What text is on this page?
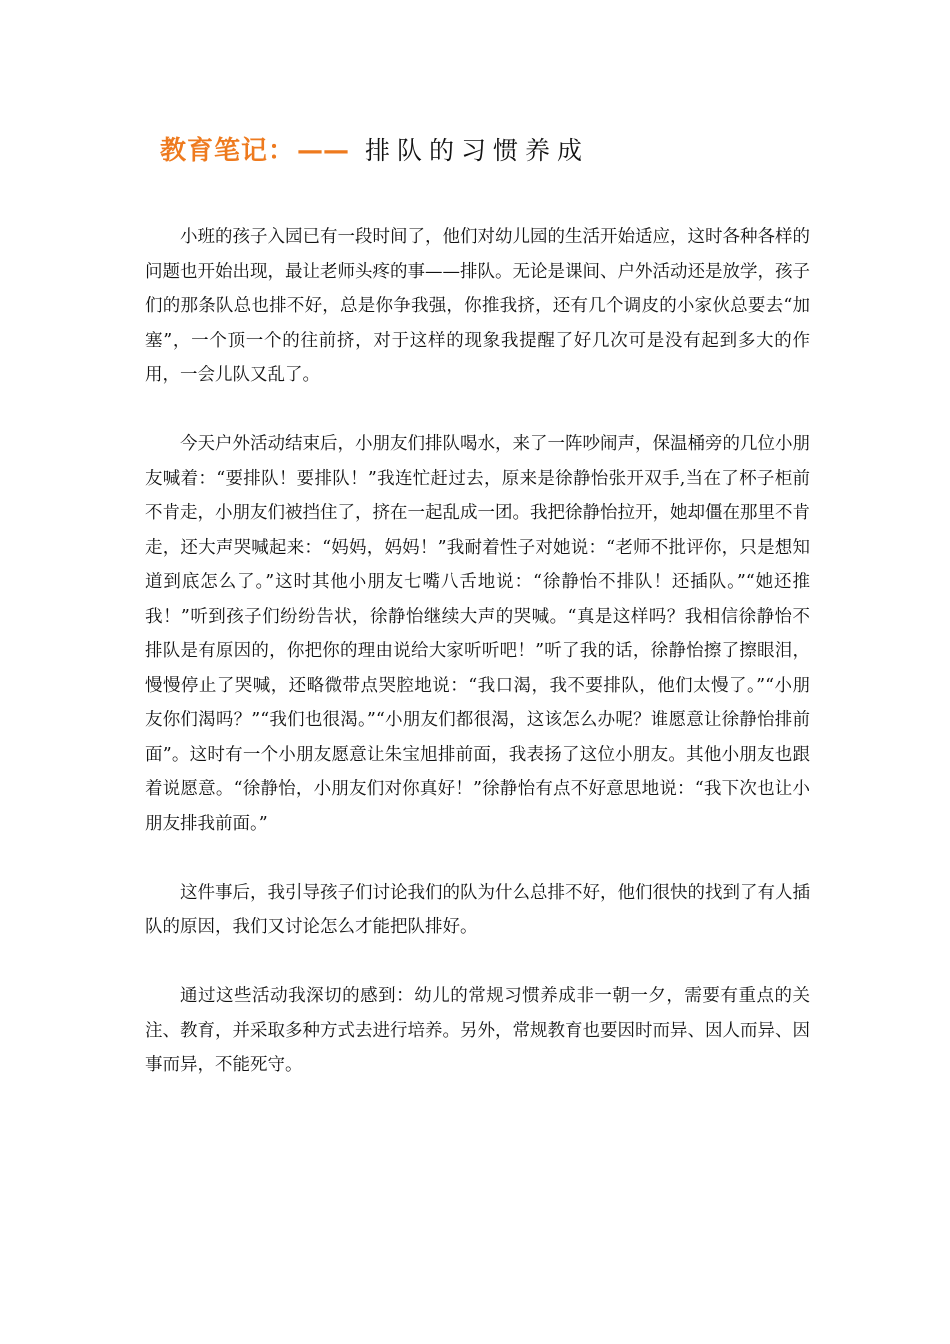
教育笔记：—— 排队的习惯养成

小班的孩子入园已有一段时间了，他们对幼儿园的生活开始适应，这时各种各样的问题也开始出现，最让老师头疼的事——排队。无论是课间、户外活动还是放学，孩子们的那条队总也排不好，总是你争我强，你推我挤，还有几个调皮的小家伙总要去“加塞”，一个顶一个的往前挤，对于这样的现象我提醒了好几次可是没有起到多大的作用，一会儿队又乱了。

今天户外活动结束后，小朋友们排队喝水，来了一阵吵闹声，保温桶旁的几位小朋友喊着：“要排队！要排队！”我连忙赶过去，原来是徐静怡张开双手,当在了杯子柜前不肯走，小朋友们被挡住了，挤在一起乱成一团。我把徐静怡拉开，她却僵在那里不肯走，还大声哭喊起来：“妈妈，妈妈！”我耐着性子对她说：“老师不批评你，只是想知道到底怎么了。”这时其他小朋友七嘴八舌地说：“徐静怡不排队！还插队。”“她还推我！”听到孩子们纷纷告状，徐静怡继续大声的哭喊。“真是这样吗？我相信徐静怡不排队是有原因的，你把你的理由说给大家听听吧！”听了我的话，徐静怡擦了擦眼泪，慢慢停止了哭喊，还略微带点哭腔地说：“我口渴，我不要排队，他们太慢了。”“小朋友你们渴吗？”“我们也很渴。”“小朋友们都很渴，这该怎么办呢？谁愿意让徐静怡排前面”。这时有一个小朋友愿意让朱宝旭排前面，我表扬了这位小朋友。其他小朋友也跟着说愿意。“徐静怡，小朋友们对你真好！”徐静怡有点不好意思地说：“我下次也让小朋友排我前面。”

这件事后，我引导孩子们讨论我们的队为什么总排不好，他们很快的找到了有人插队的原因，我们又讨论怎么才能把队排好。

通过这些活动我深切的感到：幼儿的常规习惯养成非一朝一夕，需要有重点的关注、教育，并采取多种方式去进行培养。另外，常规教育也要因时而异、因人而异、因事而异，不能死守。
